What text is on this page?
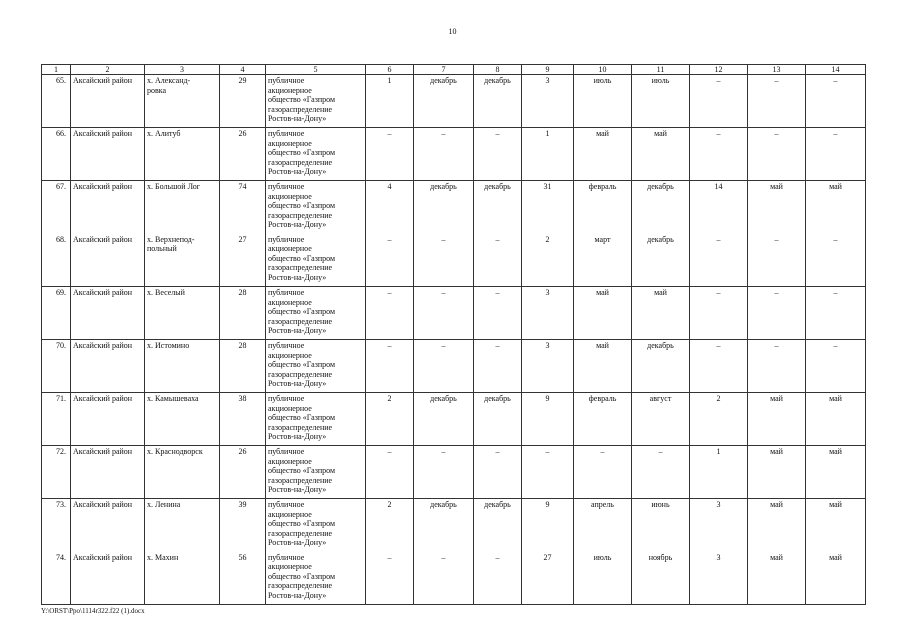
10
1	2	3	4	5	6	7	8	9	10	11	12	13	14
65.	Аксайский район	х. Александ-
ровка	29	публичное
акционерное
общество «Газпром
газораспределение
Ростов-на-Дону»	1	декабрь	декабрь	3	июль	июль	–	–	–
66.	Аксайский район	х. Алитуб	26	публичное
акционерное
общество «Газпром
газораспределение
Ростов-на-Дону»	–	–	–	1	май	май	–	–	–
67.	Аксайский район	х. Большой Лог	74	публичное
акционерное
общество «Газпром
газораспределение
Ростов-на-Дону»	4	декабрь	декабрь	31	февраль	декабрь	14	май	май
68.	Аксайский район	х. Верхнепод-
польный	27	публичное
акционерное
общество «Газпром
газораспределение
Ростов-на-Дону»	–	–	–	2	март	декабрь	–	–	–
69.	Аксайский район	х. Веселый	28	публичное
акционерное
общество «Газпром
газораспределение
Ростов-на-Дону»	–	–	–	3	май	май	–	–	–
70.	Аксайский район	х. Истомино	28	публичное
акционерное
общество «Газпром
газораспределение
Ростов-на-Дону»	–	–	–	3	май	декабрь	–	–	–
71.	Аксайский район	х. Камышеваха	38	публичное
акционерное
общество «Газпром
газораспределение
Ростов-на-Дону»	2	декабрь	декабрь	9	февраль	август	2	май	май
72.	Аксайский район	х. Краснодворск	26	публичное
акционерное
общество «Газпром
газораспределение
Ростов-на-Дону»	–	–	–	–	–	–	1	май	май
73.	Аксайский район	х. Ленина	39	публичное
акционерное
общество «Газпром
газораспределение
Ростов-на-Дону»	2	декабрь	декабрь	9	апрель	июнь	3	май	май
74.	Аксайский район	х. Махин	56	публичное
акционерное
общество «Газпром
газораспределение
Ростов-на-Дону»	–	–	–	27	июль	ноябрь	3	май	май
Y:\ORST\Ppo\1114r322.f22 (1).docx
